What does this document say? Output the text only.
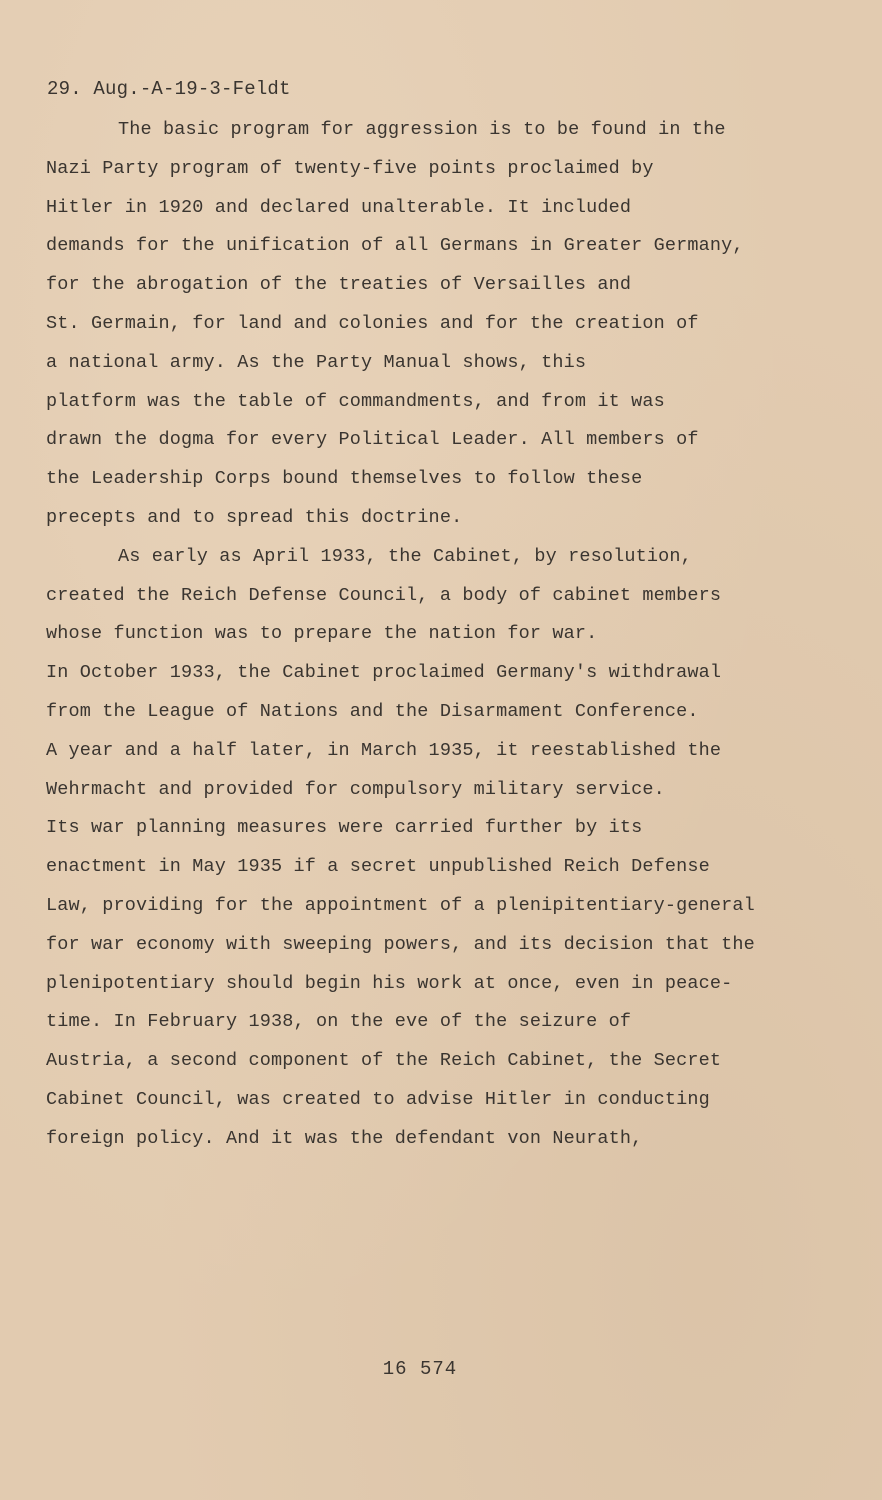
29. Aug.-A-19-3-Feldt
The basic program for aggression is to be found in the
Nazi Party program of twenty-five points proclaimed by
Hitler in 1920 and declared unalterable. It included
demands for the unification of all Germans in Greater Germany,
for the abrogation of the treaties of Versailles and
St. Germain, for land and colonies and for the creation of
a national army. As the Party Manual shows, this
platform was the table of commandments, and from it was
drawn the dogma for every Political Leader. All members of
the Leadership Corps bound themselves to follow these
precepts and to spread this doctrine.
As early as April 1933, the Cabinet, by resolution,
created the Reich Defense Council, a body of cabinet members
whose function was to prepare the nation for war.
In October 1933, the Cabinet proclaimed Germany's withdrawal
from the League of Nations and the Disarmament Conference.
A year and a half later, in March 1935, it reestablished the
Wehrmacht and provided for compulsory military service.
Its war planning measures were carried further by its
enactment in May 1935 if a secret unpublished Reich Defense
Law, providing for the appointment of a plenipitentiary-general
for war economy with sweeping powers, and its decision that the
plenipotentiary should begin his work at once, even in peace-
time. In February 1938, on the eve of the seizure of
Austria, a second component of the Reich Cabinet, the Secret
Cabinet Council, was created to advise Hitler in conducting
foreign policy. And it was the defendant von Neurath,
16 574
